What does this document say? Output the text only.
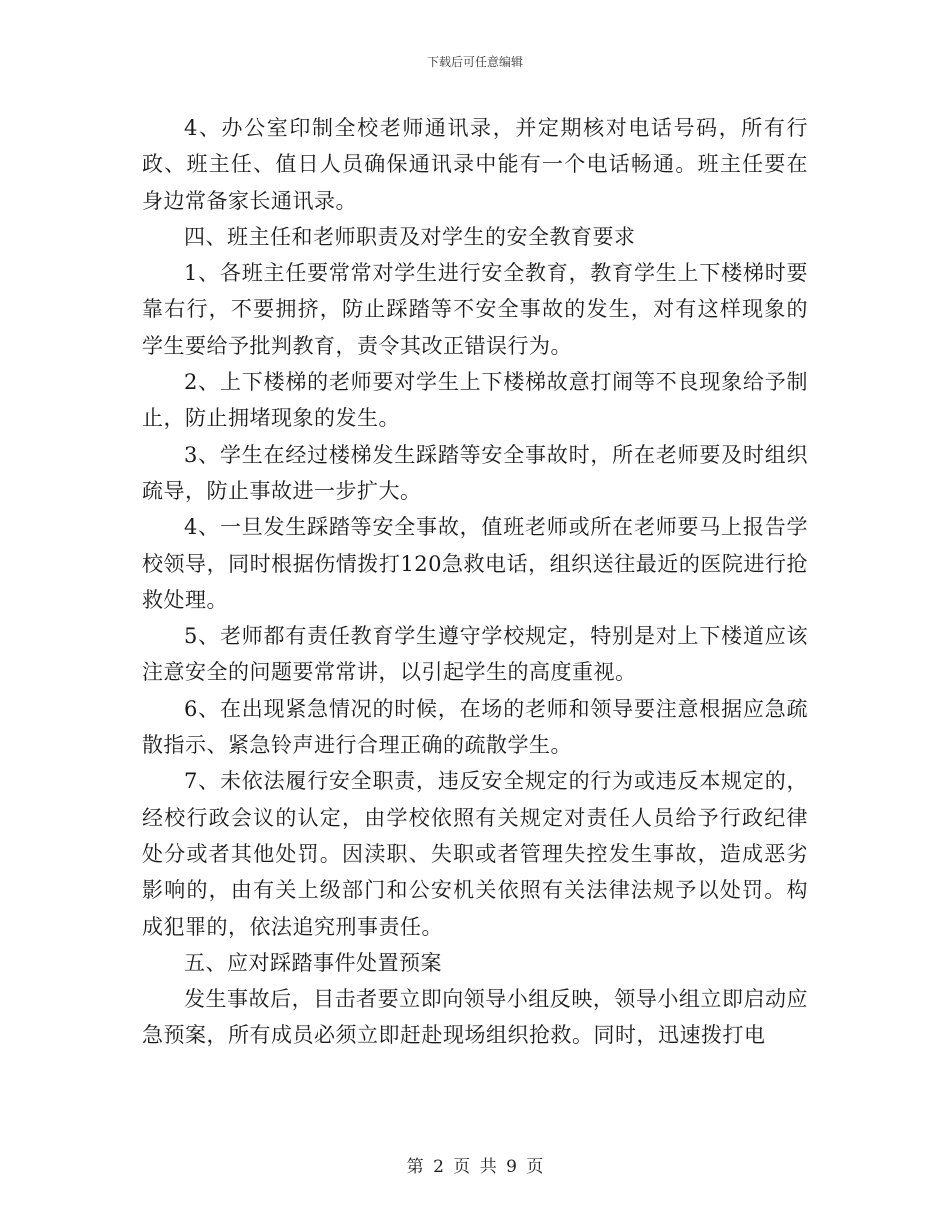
下载后可任意编辑

4、办公室印制全校老师通讯录，并定期核对电话号码，所有行政、班主任、值日人员确保通讯录中能有一个电话畅通。班主任要在身边常备家长通讯录。

四、班主任和老师职责及对学生的安全教育要求

1、各班主任要常常对学生进行安全教育，教育学生上下楼梯时要靠右行，不要拥挤，防止踩踏等不安全事故的发生，对有这样现象的学生要给予批判教育，责令其改正错误行为。

2、上下楼梯的老师要对学生上下楼梯故意打闹等不良现象给予制止，防止拥堵现象的发生。

3、学生在经过楼梯发生踩踏等安全事故时，所在老师要及时组织疏导，防止事故进一步扩大。

4、一旦发生踩踏等安全事故，值班老师或所在老师要马上报告学校领导，同时根据伤情拨打120急救电话，组织送往最近的医院进行抢救处理。

5、老师都有责任教育学生遵守学校规定，特别是对上下楼道应该注意安全的问题要常常讲，以引起学生的高度重视。

6、在出现紧急情况的时候，在场的老师和领导要注意根据应急疏散指示、紧急铃声进行合理正确的疏散学生。

7、未依法履行安全职责，违反安全规定的行为或违反本规定的，经校行政会议的认定，由学校依照有关规定对责任人员给予行政纪律处分或者其他处罚。因渎职、失职或者管理失控发生事故，造成恶劣影响的，由有关上级部门和公安机关依照有关法律法规予以处罚。构成犯罪的，依法追究刑事责任。

五、应对踩踏事件处置预案

发生事故后，目击者要立即向领导小组反映，领导小组立即启动应急预案，所有成员必须立即赶赴现场组织抢救。同时，迅速拨打电

第 2 页 共 9 页
